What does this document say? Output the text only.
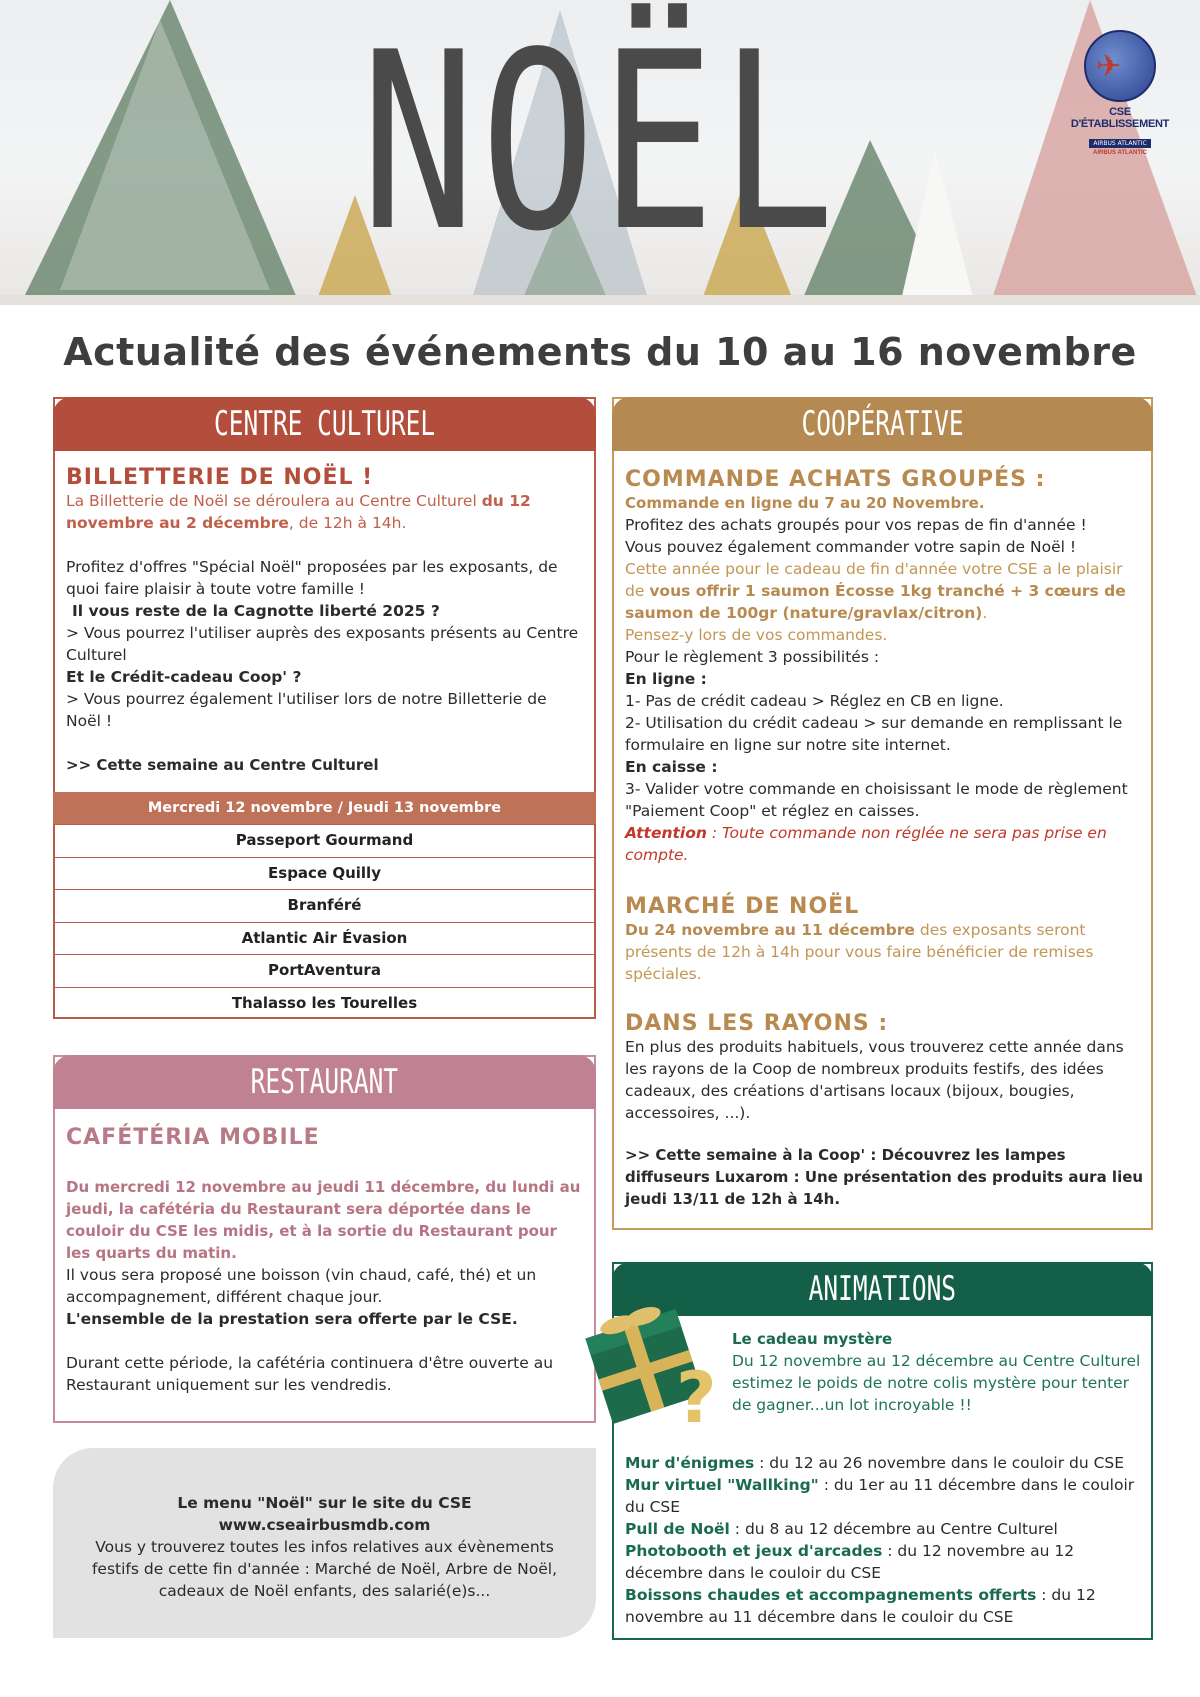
NOËL	✈
CSE D'ÉTABLISSEMENT
AIRBUS ATLANTIC
AIRBUS ATLANTIC
Actualité des événements du 10 au 16 novembre
CENTRE CULTUREL
BILLETTERIE DE NOËL !

La Billetterie de Noël se déroulera au Centre Culturel du 12 novembre au 2 décembre, de 12h à 14h.

Profitez d'offres "Spécial Noël" proposées par les exposants, de quoi faire plaisir à toute votre famille !

Il vous reste de la Cagnotte liberté 2025 ?

> Vous pourrez l'utiliser auprès des exposants présents au Centre Culturel

Et le Crédit-cadeau Coop' ?

> Vous pourrez également l'utiliser lors de notre Billetterie de Noël !

>> Cette semaine au Centre Culturel

Mercredi 12 novembre / Jeudi 13 novembre
Passeport Gourmand
Espace Quilly
Branféré
Atlantic Air Évasion
PortAventura
Thalasso les Tourelles
RESTAURANT
CAFÉTÉRIA MOBILE

Du mercredi 12 novembre au jeudi 11 décembre, du lundi au jeudi, la cafétéria du Restaurant sera déportée dans le couloir du CSE les midis, et à la sortie du Restaurant pour les quarts du matin.

Il vous sera proposé une boisson (vin chaud, café, thé) et un accompagnement, différent chaque jour.

L'ensemble de la prestation sera offerte par le CSE.

Durant cette période, la cafétéria continuera d'être ouverte au Restaurant uniquement sur les vendredis.

Le menu "Noël" sur le site du CSE

www.cseairbusmdb.com

Vous y trouverez toutes les infos relatives aux évènements festifs de cette fin d'année : Marché de Noël, Arbre de Noël, cadeaux de Noël enfants, des salarié(e)s...

COOPÉRATIVE
COMMANDE ACHATS GROUPÉS :

Commande en ligne du 7 au 20 Novembre.

Profitez des achats groupés pour vos repas de fin d'année !

Vous pouvez également commander votre sapin de Noël !

Cette année pour le cadeau de fin d'année votre CSE a le plaisir de vous offrir 1 saumon Écosse 1kg tranché + 3 cœurs de saumon de 100gr (nature/gravlax/citron).

Pensez-y lors de vos commandes.

Pour le règlement 3 possibilités :

En ligne :

1- Pas de crédit cadeau > Réglez en CB en ligne.

2- Utilisation du crédit cadeau > sur demande en remplissant le formulaire en ligne sur notre site internet.

En caisse :

3- Valider votre commande en choisissant le mode de règlement "Paiement Coop" et réglez en caisses.

Attention : Toute commande non réglée ne sera pas prise en compte.

MARCHÉ DE NOËL

Du 24 novembre au 11 décembre des exposants seront présents de 12h à 14h pour vous faire bénéficier de remises spéciales.

DANS LES RAYONS :

En plus des produits habituels, vous trouverez cette année dans les rayons de la Coop de nombreux produits festifs, des idées cadeaux, des créations d'artisans locaux (bijoux, bougies, accessoires, ...).

>> Cette semaine à la Coop' : Découvrez les lampes diffuseurs Luxarom : Une présentation des produits aura lieu jeudi 13/11 de 12h à 14h.

ANIMATIONS
?

Le cadeau mystère

Du 12 novembre au 12 décembre au Centre Culturel estimez le poids de notre colis mystère pour tenter de gagner...un lot incroyable !!

Mur d'énigmes : du 12 au 26 novembre dans le couloir du CSE

Mur virtuel "Wallking" : du 1er au 11 décembre dans le couloir du CSE

Pull de Noël : du 8 au 12 décembre au Centre Culturel

Photobooth et jeux d'arcades : du 12 novembre au 12 décembre dans le couloir du CSE

Boissons chaudes et accompagnements offerts : du 12 novembre au 11 décembre dans le couloir du CSE
